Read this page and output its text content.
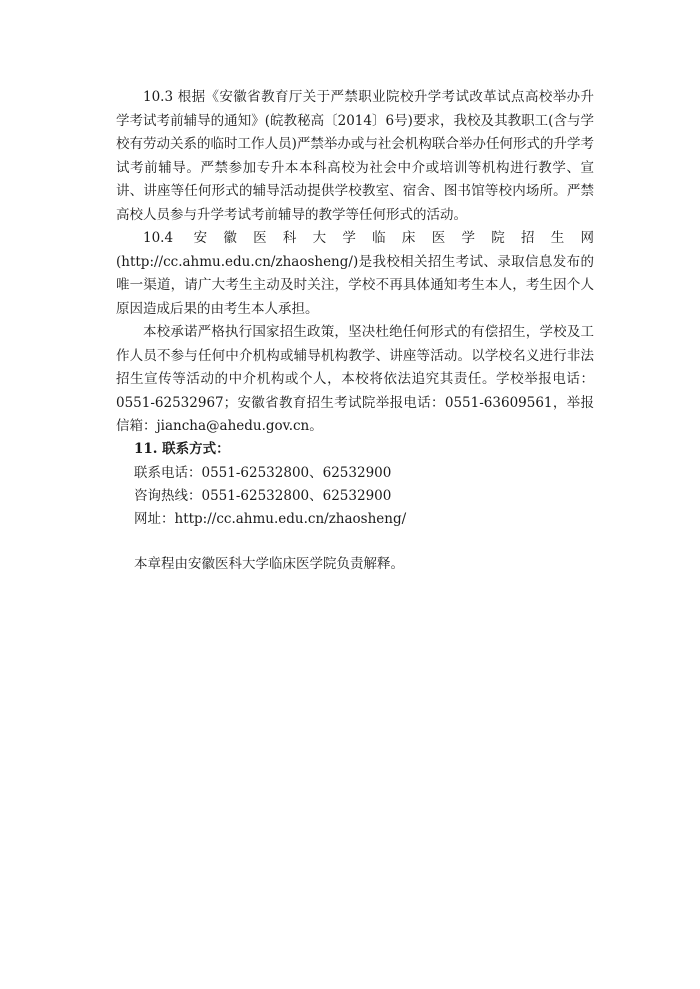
10.3 根据《安徽省教育厅关于严禁职业院校升学考试改革试点高校举办升学考试考前辅导的通知》(皖教秘高〔2014〕6号)要求，我校及其教职工(含与学校有劳动关系的临时工作人员)严禁举办或与社会机构联合举办任何形式的升学考试考前辅导。严禁参加专升本本科高校为社会中介或培训等机构进行教学、宣讲、讲座等任何形式的辅导活动提供学校教室、宿舍、图书馆等校内场所。严禁高校人员参与升学考试考前辅导的教学等任何形式的活动。

10.4 安徽医科大学临床医学院招生网(http://cc.ahmu.edu.cn/zhaosheng/)是我校相关招生考试、录取信息发布的唯一渠道，请广大考生主动及时关注，学校不再具体通知考生本人，考生因个人原因造成后果的由考生本人承担。

本校承诺严格执行国家招生政策，坚决杜绝任何形式的有偿招生，学校及工作人员不参与任何中介机构或辅导机构教学、讲座等活动。以学校名义进行非法招生宣传等活动的中介机构或个人，本校将依法追究其责任。学校举报电话：0551-62532967；安徽省教育招生考试院举报电话：0551-63609561，举报信箱：jiancha@ahedu.gov.cn。

11. 联系方式：

联系电话：0551-62532800、62532900

咨询热线：0551-62532800、62532900

网址：http://cc.ahmu.edu.cn/zhaosheng/

本章程由安徽医科大学临床医学院负责解释。
